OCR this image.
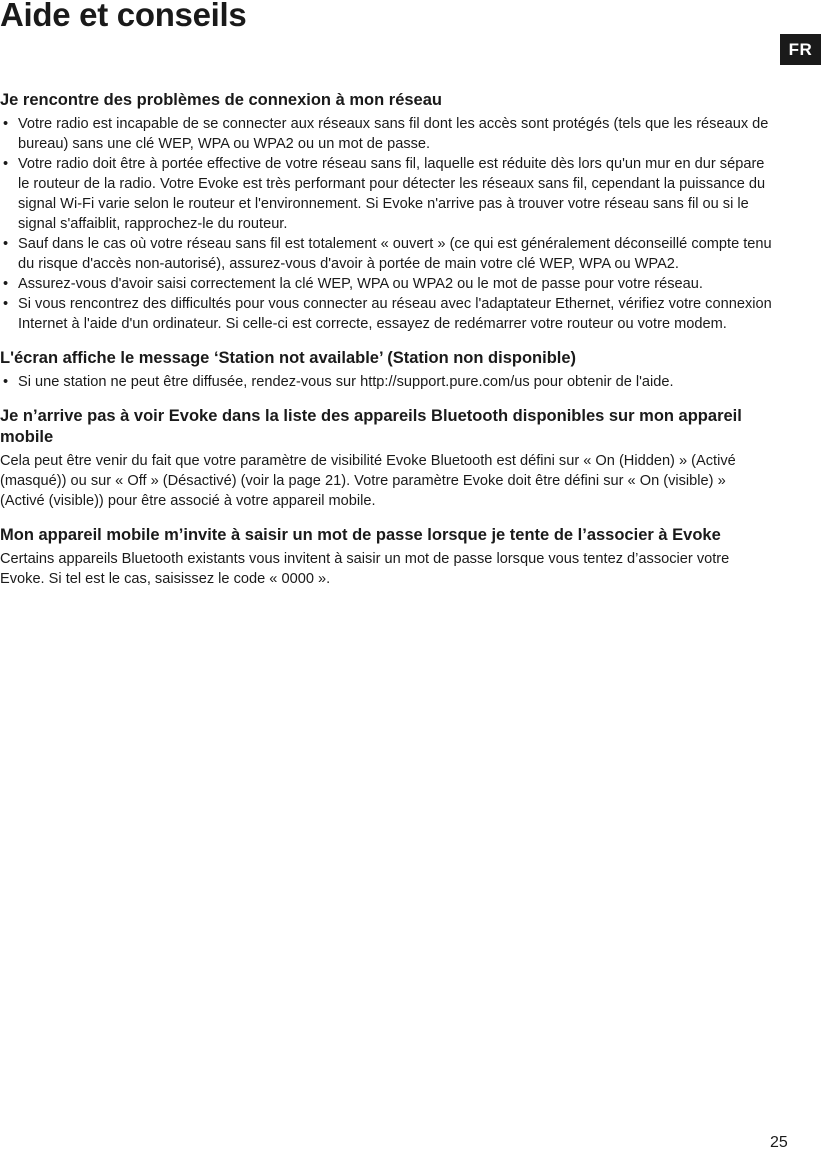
Aide et conseils
FR
Je rencontre des problèmes de connexion à mon réseau
• Votre radio est incapable de se connecter aux réseaux sans fil dont les accès sont protégés (tels que les réseaux de bureau) sans une clé WEP, WPA ou WPA2 ou un mot de passe.
• Votre radio doit être à portée effective de votre réseau sans fil, laquelle est réduite dès lors qu'un mur en dur sépare le routeur de la radio. Votre Evoke est très performant pour détecter les réseaux sans fil, cependant la puissance du signal Wi-Fi varie selon le routeur et l'environnement. Si Evoke n'arrive pas à trouver votre réseau sans fil ou si le signal s'affaiblit, rapprochez-le du routeur.
• Sauf dans le cas où votre réseau sans fil est totalement « ouvert » (ce qui est généralement déconseillé compte tenu du risque d'accès non-autorisé), assurez-vous d'avoir à portée de main votre clé WEP, WPA ou WPA2.
• Assurez-vous d'avoir saisi correctement la clé WEP, WPA ou WPA2 ou le mot de passe pour votre réseau.
• Si vous rencontrez des difficultés pour vous connecter au réseau avec l'adaptateur Ethernet, vérifiez votre connexion Internet à l'aide d'un ordinateur. Si celle-ci est correcte, essayez de redémarrer votre routeur ou votre modem.
L'écran affiche le message ‘Station not available’ (Station non disponible)
• Si une station ne peut être diffusée, rendez-vous sur http://support.pure.com/us pour obtenir de l'aide.
Je n’arrive pas à voir Evoke dans la liste des appareils Bluetooth disponibles sur mon appareil mobile

Cela peut être venir du fait que votre paramètre de visibilité Evoke Bluetooth est défini sur « On (Hidden) » (Activé (masqué)) ou sur « Off » (Désactivé) (voir la page 21). Votre paramètre Evoke doit être défini sur « On (visible) » (Activé (visible)) pour être associé à votre appareil mobile.

Mon appareil mobile m’invite à saisir un mot de passe lorsque je tente de l’associer à Evoke

Certains appareils Bluetooth existants vous invitent à saisir un mot de passe lorsque vous tentez d’associer votre Evoke. Si tel est le cas, saisissez le code « 0000 ».

25
